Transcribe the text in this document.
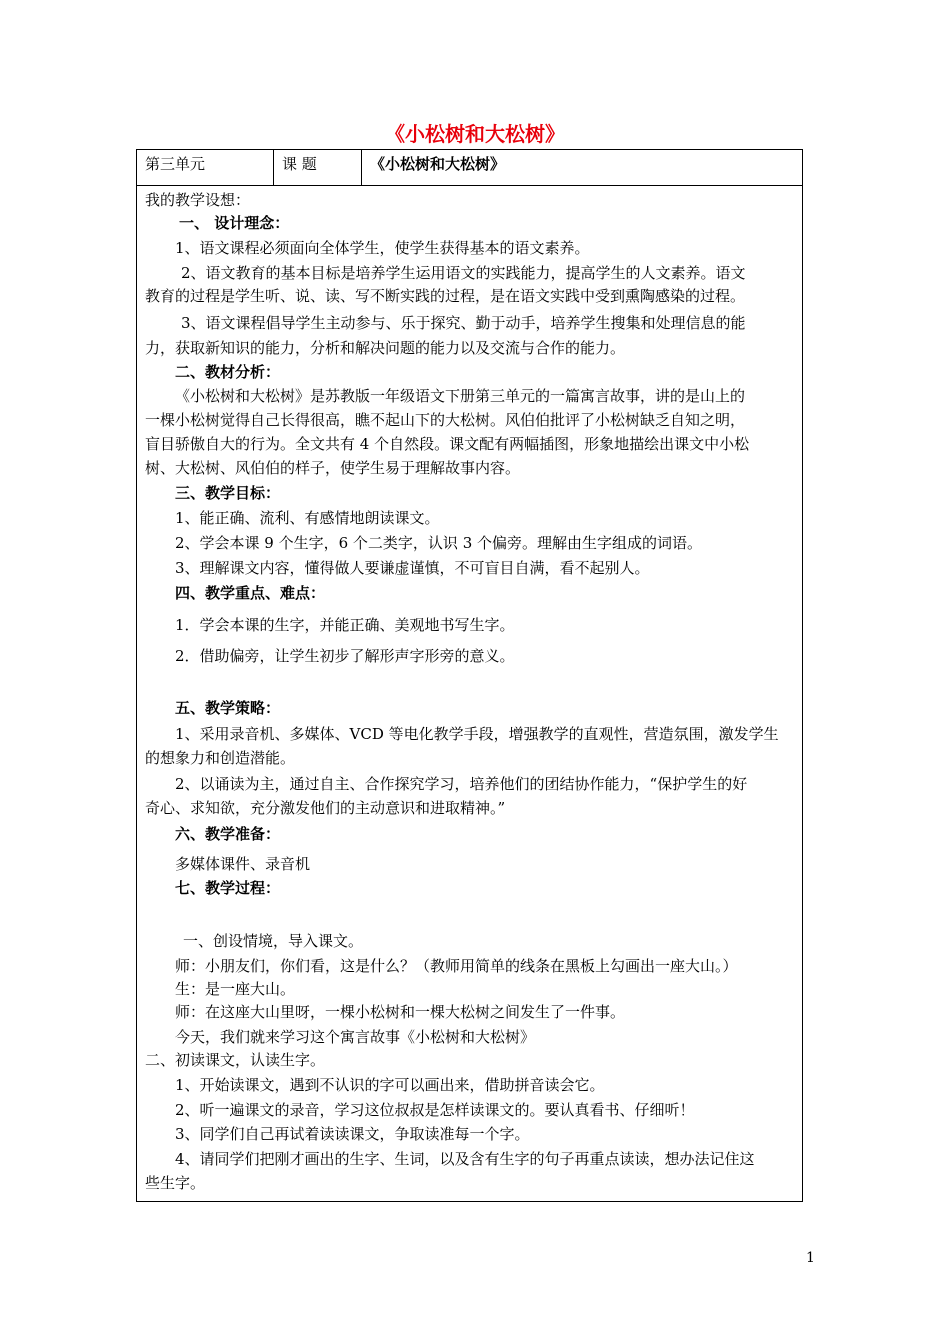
《小松树和大松树》
第三单元	课 题	《小松树和大松树》
我的教学设想：
一、 设计理念：
1、语文课程必须面向全体学生，使学生获得基本的语文素养。
2、语文教育的基本目标是培养学生运用语文的实践能力，提高学生的人文素养。语文
教育的过程是学生听、说、读、写不断实践的过程，是在语文实践中受到熏陶感染的过程。
3、语文课程倡导学生主动参与、乐于探究、勤于动手，培养学生搜集和处理信息的能
力，获取新知识的能力，分析和解决问题的能力以及交流与合作的能力。
二、教材分析：
《小松树和大松树》是苏教版一年级语文下册第三单元的一篇寓言故事，讲的是山上的
一棵小松树觉得自己长得很高，瞧不起山下的大松树。风伯伯批评了小松树缺乏自知之明，
盲目骄傲自大的行为。全文共有 4 个自然段。课文配有两幅插图，形象地描绘出课文中小松
树、大松树、风伯伯的样子，使学生易于理解故事内容。
三、教学目标：
1、能正确、流利、有感情地朗读课文。
2、学会本课 9 个生字，6 个二类字，认识 3 个偏旁。理解由生字组成的词语。
3、理解课文内容，懂得做人要谦虚谨慎，不可盲目自满，看不起别人。
四、教学重点、难点：
1．学会本课的生字，并能正确、美观地书写生字。
2．借助偏旁，让学生初步了解形声字形旁的意义。
五、教学策略：
1、采用录音机、多媒体、VCD 等电化教学手段，增强教学的直观性，营造氛围，激发学生
的想象力和创造潜能。
2、以诵读为主，通过自主、合作探究学习，培养他们的团结协作能力，“保护学生的好
奇心、求知欲，充分激发他们的主动意识和进取精神。”
六、教学准备：
多媒体课件、录音机
七、教学过程：
一、创设情境，导入课文。
师：小朋友们，你们看，这是什么？（教师用简单的线条在黑板上勾画出一座大山。）
生：是一座大山。
师：在这座大山里呀，一棵小松树和一棵大松树之间发生了一件事。
今天，我们就来学习这个寓言故事《小松树和大松树》
二、初读课文，认读生字。
1、开始读课文，遇到不认识的字可以画出来，借助拼音读会它。
2、听一遍课文的录音，学习这位叔叔是怎样读课文的。要认真看书、仔细听！
3、同学们自己再试着读读课文，争取读准每一个字。
4、请同学们把刚才画出的生字、生词，以及含有生字的句子再重点读读，想办法记住这
些生字。
1
